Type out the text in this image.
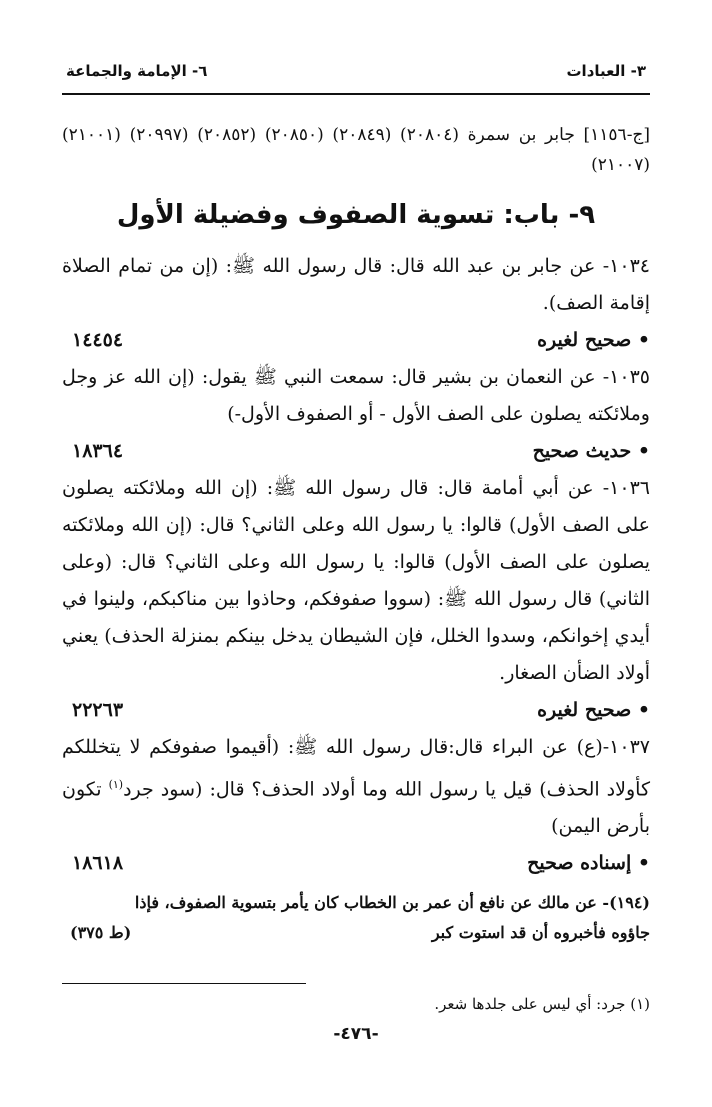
٣- العبادات
٦- الإمامة والجماعة
[ج-١١٥٦] جابر بن سمرة (٢٠٨٠٤) (٢٠٨٤٩) (٢٠٨٥٠) (٢٠٨٥٢) (٢٠٩٩٧) (٢١٠٠١) (٢١٠٠٧)
٩- باب: تسوية الصفوف وفضيلة الأول

١٠٣٤- عن جابر بن عبد الله قال: قال رسول الله ﷺ: (إن من تمام الصلاة إقامة الصف).

• صحيح لغيره
١٤٤٥٤

١٠٣٥- عن النعمان بن بشير قال: سمعت النبي ﷺ يقول: (إن الله عز وجل وملائكته يصلون على الصف الأول - أو الصفوف الأول-)

• حديث صحيح
١٨٣٦٤

١٠٣٦- عن أبي أمامة قال: قال رسول الله ﷺ: (إن الله وملائكته يصلون على الصف الأول) قالوا: يا رسول الله وعلى الثاني؟ قال: (إن الله وملائكته يصلون على الصف الأول) قالوا: يا رسول الله وعلى الثاني؟ قال: (وعلى الثاني) قال رسول الله ﷺ: (سووا صفوفكم، وحاذوا بين مناكبكم، ولينوا في أيدي إخوانكم، وسدوا الخلل، فإن الشيطان يدخل بينكم بمنزلة الحذف) يعني أولاد الضأن الصغار.

• صحيح لغيره
٢٢٢٦٣

١٠٣٧-(ع) عن البراء قال:قال رسول الله ﷺ: (أقيموا صفوفكم لا يتخللكم كأولاد الحذف) قيل يا رسول الله وما أولاد الحذف؟ قال: (سود جرد$^{(١)}$ تكون بأرض اليمن)

• إسناده صحيح
١٨٦١٨
(١٩٤)- عن مالك عن نافع أن عمر بن الخطاب كان يأمر بتسوية الصفوف، فإذا
جاؤوه فأخبروه أن قد استوت كبر
(ط ٣٧٥)
(١) جرد: أي ليس على جلدها شعر.
-٤٧٦-
